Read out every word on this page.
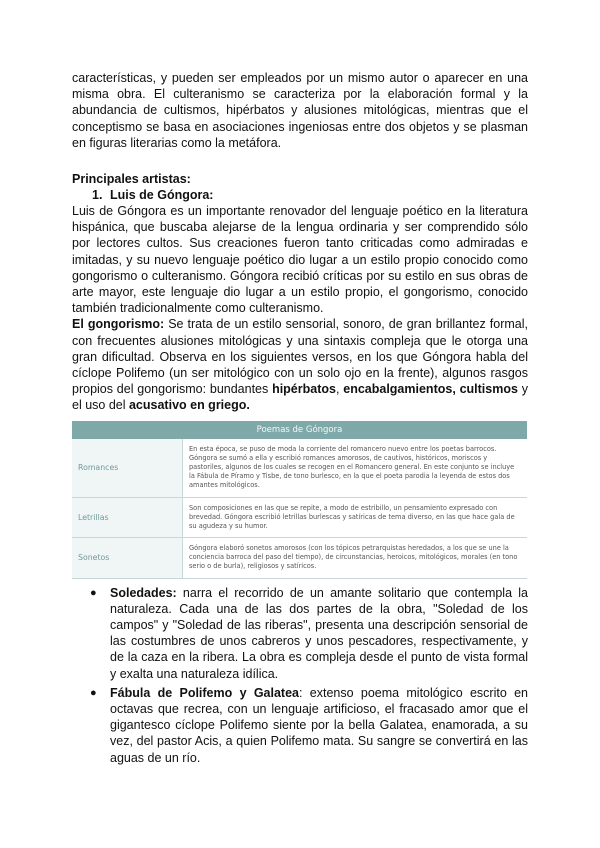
características, y pueden ser empleados por un mismo autor o aparecer en una misma obra. El culteranismo se caracteriza por la elaboración formal y la abundancia de cultismos, hipérbatos y alusiones mitológicas, mientras que el conceptismo se basa en asociaciones ingeniosas entre dos objetos y se plasman en figuras literarias como la metáfora.

Principales artistas:
1. Luis de Góngora:

Luis de Góngora es un importante renovador del lenguaje poético en la literatura hispánica, que buscaba alejarse de la lengua ordinaria y ser comprendido sólo por lectores cultos. Sus creaciones fueron tanto criticadas como admiradas e imitadas, y su nuevo lenguaje poético dio lugar a un estilo propio conocido como gongorismo o culteranismo. Góngora recibió críticas por su estilo en sus obras de arte mayor, este lenguaje dio lugar a un estilo propio, el gongorismo, conocido también tradicionalmente como culteranismo.

El gongorismo: Se trata de un estilo sensorial, sonoro, de gran brillantez formal, con frecuentes alusiones mitológicas y una sintaxis compleja que le otorga una gran dificultad. Observa en los siguientes versos, en los que Góngora habla del cíclope Polifemo (un ser mitológico con un solo ojo en la frente), algunos rasgos propios del gongorismo: bundantes hipérbatos, encabalgamientos, cultismos y el uso del acusativo en griego.

Poemas de Góngora	
Romances	En esta época, se puso de moda la corriente del romancero nuevo entre los poetas barrocos. Góngora se sumó a ella y escribió romances amorosos, de cautivos, históricos, moriscos y pastoriles, algunos de los cuales se recogen en el Romancero general. En este conjunto se incluye la Fábula de Píramo y Tisbe, de tono burlesco, en la que el poeta parodia la leyenda de estos dos amantes mitológicos.
Letrillas	Son composiciones en las que se repite, a modo de estribillo, un pensamiento expresado con brevedad. Góngora escribió letrillas burlescas y satíricas de tema diverso, en las que hace gala de su agudeza y su humor.
Sonetos	Góngora elaboró sonetos amorosos (con los tópicos petrarquistas heredados, a los que se une la conciencia barroca del paso del tiempo), de circunstancias, heroicos, mitológicos, morales (en tono serio o de burla), religiosos y satíricos.
● Soledades: narra el recorrido de un amante solitario que contempla la naturaleza. Cada una de las dos partes de la obra, "Soledad de los campos" y "Soledad de las riberas", presenta una descripción sensorial de las costumbres de unos cabreros y unos pescadores, respectivamente, y de la caza en la ribera. La obra es compleja desde el punto de vista formal y exalta una naturaleza idílica.
● Fábula de Polifemo y Galatea: extenso poema mitológico escrito en octavas que recrea, con un lenguaje artificioso, el fracasado amor que el gigantesco cíclope Polifemo siente por la bella Galatea, enamorada, a su vez, del pastor Acis, a quien Polifemo mata. Su sangre se convertirá en las aguas de un río.
